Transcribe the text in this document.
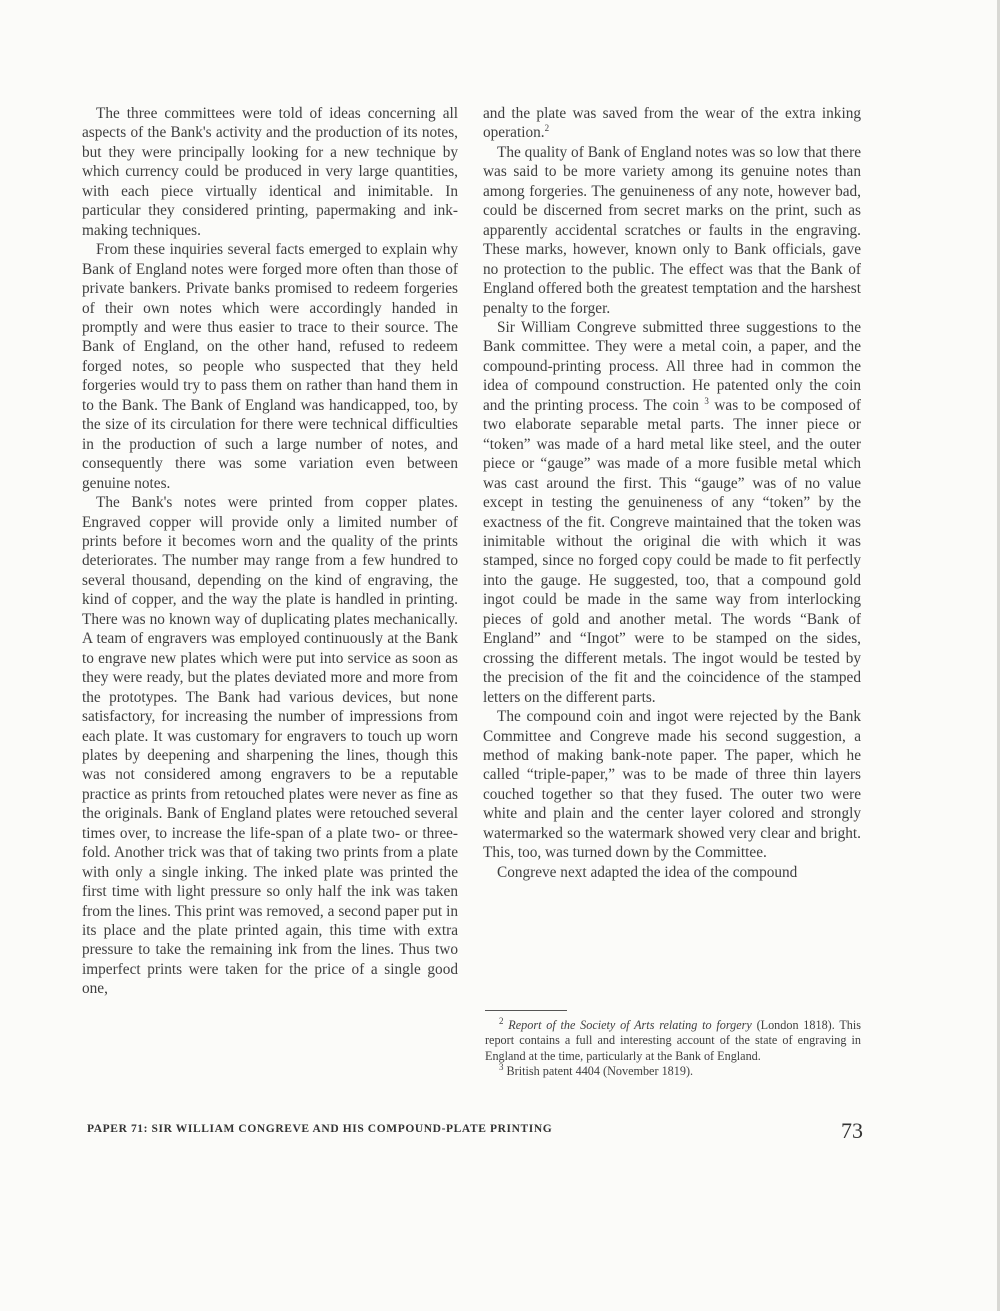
The three committees were told of ideas concerning all aspects of the Bank's activity and the production of its notes, but they were principally looking for a new technique by which currency could be produced in very large quantities, with each piece virtually identical and inimitable. In particular they considered printing, papermaking and ink-making techniques.

From these inquiries several facts emerged to explain why Bank of England notes were forged more often than those of private bankers. Private banks promised to redeem forgeries of their own notes which were accordingly handed in promptly and were thus easier to trace to their source. The Bank of England, on the other hand, refused to redeem forged notes, so people who suspected that they held forgeries would try to pass them on rather than hand them in to the Bank. The Bank of England was handicapped, too, by the size of its circulation for there were technical difficulties in the production of such a large number of notes, and consequently there was some variation even between genuine notes.

The Bank's notes were printed from copper plates. Engraved copper will provide only a limited number of prints before it becomes worn and the quality of the prints deteriorates. The number may range from a few hundred to several thousand, depending on the kind of engraving, the kind of copper, and the way the plate is handled in printing. There was no known way of duplicating plates mechanically. A team of engravers was employed continuously at the Bank to engrave new plates which were put into service as soon as they were ready, but the plates deviated more and more from the prototypes. The Bank had various devices, but none satisfactory, for increasing the number of impressions from each plate. It was customary for engravers to touch up worn plates by deepening and sharpening the lines, though this was not considered among engravers to be a reputable practice as prints from retouched plates were never as fine as the originals. Bank of England plates were retouched several times over, to increase the life-span of a plate two- or three-fold. Another trick was that of taking two prints from a plate with only a single inking. The inked plate was printed the first time with light pressure so only half the ink was taken from the lines. This print was removed, a second paper put in its place and the plate printed again, this time with extra pressure to take the remaining ink from the lines. Thus two imperfect prints were taken for the price of a single good one,

and the plate was saved from the wear of the extra inking operation.$^2$

The quality of Bank of England notes was so low that there was said to be more variety among its genuine notes than among forgeries. The genuineness of any note, however bad, could be discerned from secret marks on the print, such as apparently accidental scratches or faults in the engraving. These marks, however, known only to Bank officials, gave no protection to the public. The effect was that the Bank of England offered both the greatest temptation and the harshest penalty to the forger.

Sir William Congreve submitted three suggestions to the Bank committee. They were a metal coin, a paper, and the compound-printing process. All three had in common the idea of compound construction. He patented only the coin and the printing process. The coin $^3$ was to be composed of two elaborate separable metal parts. The inner piece or “token” was made of a hard metal like steel, and the outer piece or “gauge” was made of a more fusible metal which was cast around the first. This “gauge” was of no value except in testing the genuineness of any “token” by the exactness of the fit. Congreve maintained that the token was inimitable without the original die with which it was stamped, since no forged copy could be made to fit perfectly into the gauge. He suggested, too, that a compound gold ingot could be made in the same way from interlocking pieces of gold and another metal. The words “Bank of England” and “Ingot” were to be stamped on the sides, crossing the different metals. The ingot would be tested by the precision of the fit and the coincidence of the stamped letters on the different parts.

The compound coin and ingot were rejected by the Bank Committee and Congreve made his second suggestion, a method of making bank-note paper. The paper, which he called “triple-paper,” was to be made of three thin layers couched together so that they fused. The outer two were white and plain and the center layer colored and strongly watermarked so the watermark showed very clear and bright. This, too, was turned down by the Committee.

Congreve next adapted the idea of the compound

$^2$ Report of the Society of Arts relating to forgery (London 1818). This report contains a full and interesting account of the state of engraving in England at the time, particularly at the Bank of England.

$^3$ British patent 4404 (November 1819).

PAPER 71: SIR WILLIAM CONGREVE AND HIS COMPOUND-PLATE PRINTING	73
